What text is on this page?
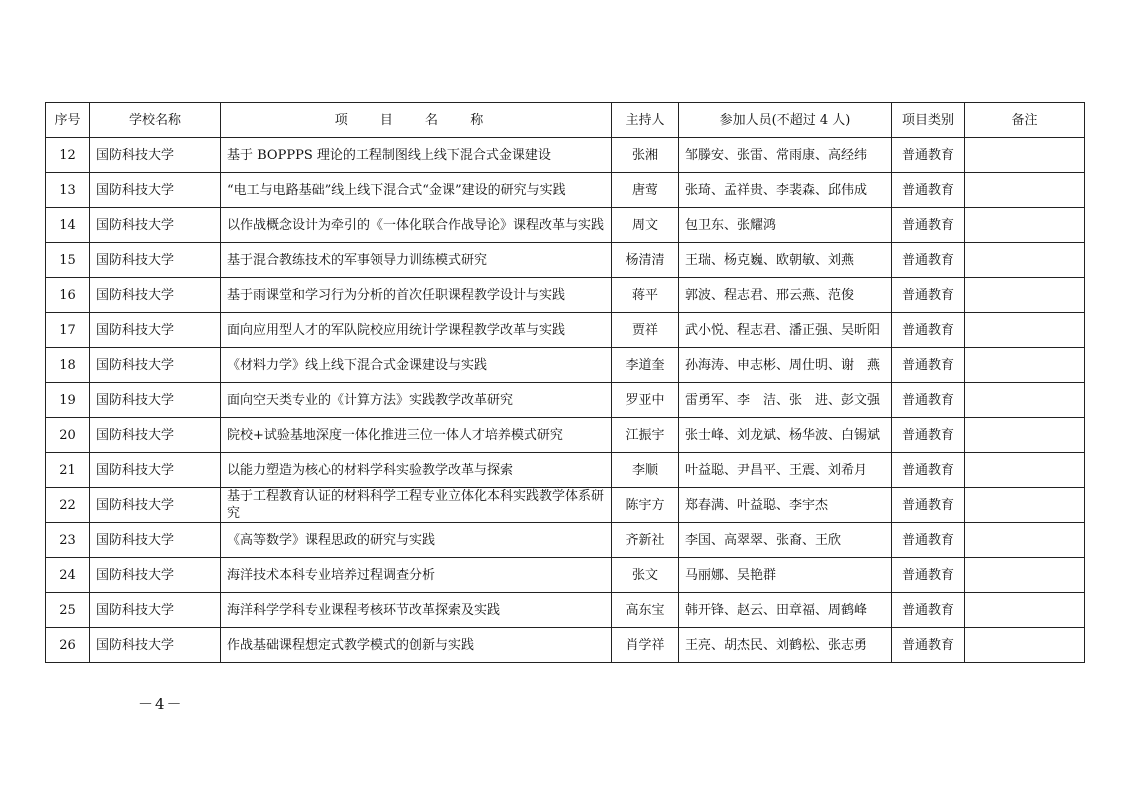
序号	学校名称	项 目 名 称	主持人	参加人员(不超过 4 人)	项目类别	备注
12	国防科技大学	基于 BOPPPS 理论的工程制图线上线下混合式金课建设	张湘	邹滕安、张雷、常雨康、高经纬	普通教育	
13	国防科技大学	“电工与电路基础”线上线下混合式“金课”建设的研究与实践	唐莺	张琦、孟祥贵、李裴森、邱伟成	普通教育	
14	国防科技大学	以作战概念设计为牵引的《一体化联合作战导论》课程改革与实践	周文	包卫东、张耀鸿	普通教育	
15	国防科技大学	基于混合教练技术的军事领导力训练模式研究	杨清清	王瑞、杨克巍、欧朝敏、刘燕	普通教育	
16	国防科技大学	基于雨课堂和学习行为分析的首次任职课程教学设计与实践	蒋平	郭波、程志君、邢云燕、范俊	普通教育	
17	国防科技大学	面向应用型人才的军队院校应用统计学课程教学改革与实践	贾祥	武小悦、程志君、潘正强、吴昕阳	普通教育	
18	国防科技大学	《材料力学》线上线下混合式金课建设与实践	李道奎	孙海涛、申志彬、周仕明、谢　燕	普通教育	
19	国防科技大学	面向空天类专业的《计算方法》实践教学改革研究	罗亚中	雷勇军、李　洁、张　进、彭文强	普通教育	
20	国防科技大学	院校+试验基地深度一体化推进三位一体人才培养模式研究	江振宇	张士峰、刘龙斌、杨华波、白锡斌	普通教育	
21	国防科技大学	以能力塑造为核心的材料学科实验教学改革与探索	李顺	叶益聪、尹昌平、王震、刘希月	普通教育	
22	国防科技大学	基于工程教育认证的材料科学工程专业立体化本科实践教学体系研究	陈宇方	郑春满、叶益聪、李宇杰	普通教育	
23	国防科技大学	《高等数学》课程思政的研究与实践	齐新社	李国、高翠翠、张裔、王欣	普通教育	
24	国防科技大学	海洋技术本科专业培养过程调查分析	张文	马丽娜、吴艳群	普通教育	
25	国防科技大学	海洋科学学科专业课程考核环节改革探索及实践	高东宝	韩开锋、赵云、田章福、周鹤峰	普通教育	
26	国防科技大学	作战基础课程想定式教学模式的创新与实践	肖学祥	王亮、胡杰民、刘鹤松、张志勇	普通教育	
－4－
